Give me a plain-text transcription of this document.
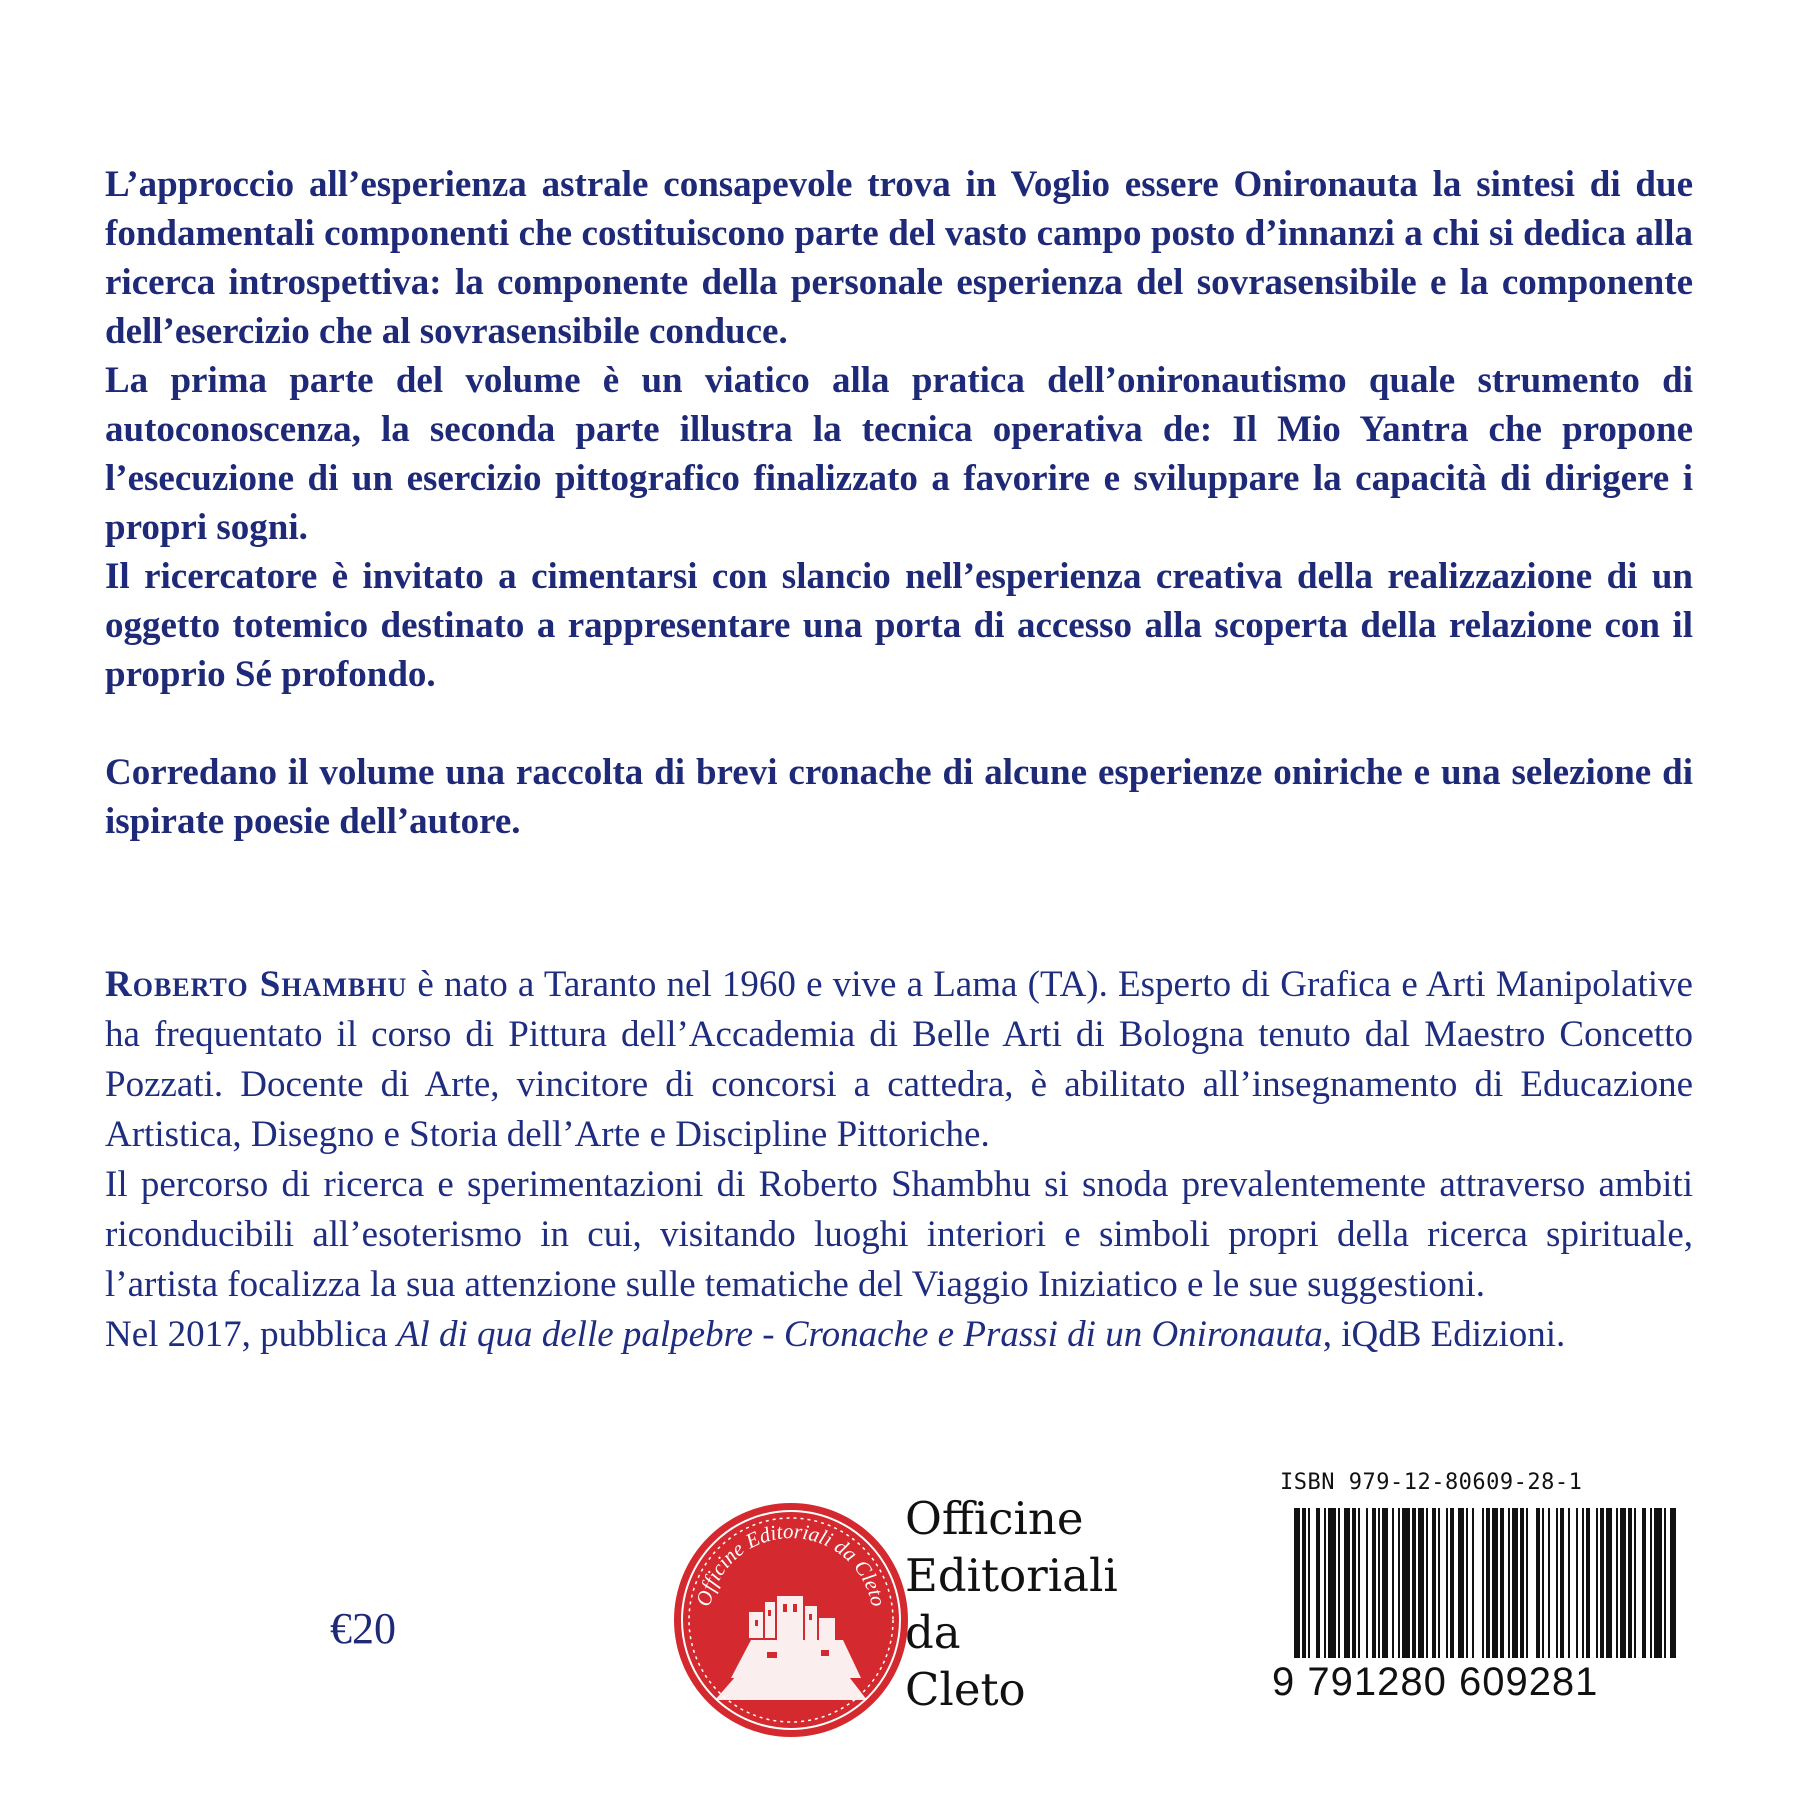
L’approccio all’esperienza astrale consapevole trova in Voglio essere Onironauta la sintesi di due fondamentali componenti che costituiscono parte del vasto campo posto d’innanzi a chi si dedica alla ricerca introspettiva: la componente della personale esperienza del sovrasensibile e la componente dell’esercizio che al sovrasensibile conduce.

La prima parte del volume è un viatico alla pratica dell’onironautismo quale strumento di autoconoscenza, la seconda parte illustra la tecnica operativa de: Il Mio Yantra che propone l’esecuzione di un esercizio pittografico finalizzato a favorire e sviluppare la capacità di dirigere i propri sogni.

Il ricercatore è invitato a cimentarsi con slancio nell’esperienza creativa della realizzazione di un oggetto totemico destinato a rappresentare una porta di accesso alla scoperta della relazione con il proprio Sé profondo.

Corredano il volume una raccolta di brevi cronache di alcune esperienze oniriche e una selezione di ispirate poesie dell’autore.

Roberto Shambhu è nato a Taranto nel 1960 e vive a Lama (TA). Esperto di Grafica e Arti Manipolative ha frequentato il corso di Pittura dell’Accademia di Belle Arti di Bologna tenuto dal Maestro Concetto Pozzati. Docente di Arte, vincitore di concorsi a cattedra, è abilitato all’insegnamento di Educazione Artistica, Disegno e Storia dell’Arte e Discipline Pittoriche.

Il percorso di ricerca e sperimentazioni di Roberto Shambhu si snoda prevalentemente attraverso ambiti riconducibili all’esoterismo in cui, visitando luoghi interiori e simboli propri della ricerca spirituale, l’artista focalizza la sua attenzione sulle tematiche del Viaggio Iniziatico e le sue suggestioni.

Nel 2017, pubblica Al di qua delle palpebre - Cronache e Prassi di un Onironauta, iQdB Edizioni.

€20
Officine Editoriali da Cleto
Officine
Editoriali
da
Cleto
ISBN 979-12-80609-28-1
9 791280 609281
